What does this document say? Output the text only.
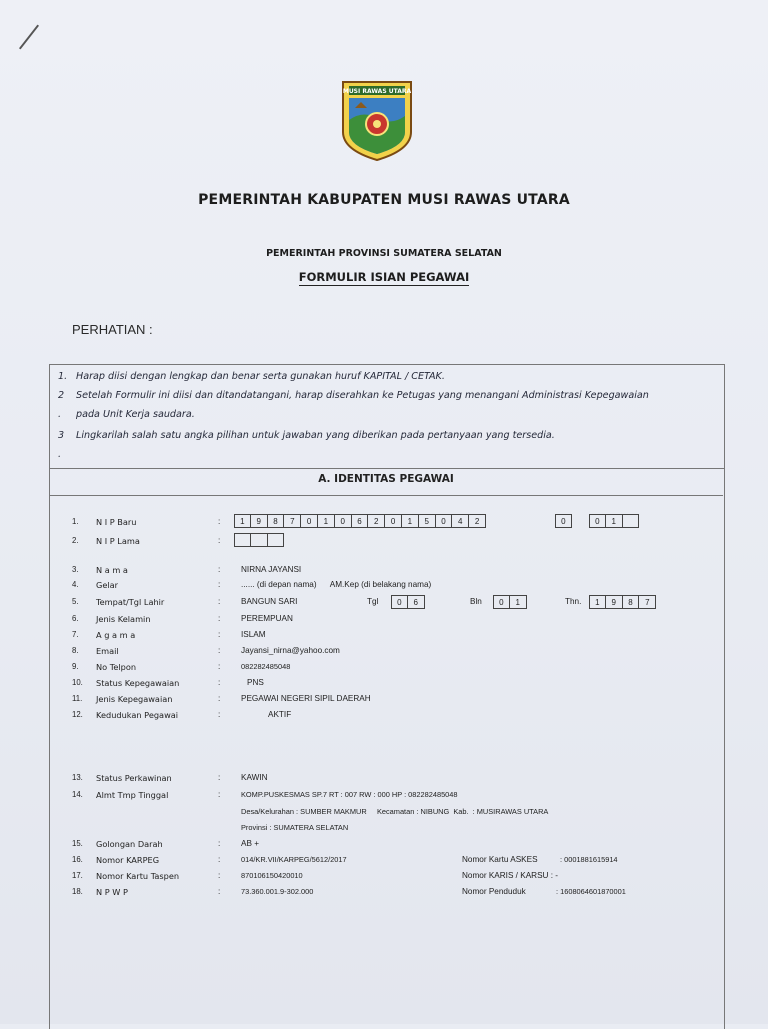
MUSI RAWAS UTARA
PEMERINTAH KABUPATEN MUSI RAWAS UTARA
PEMERINTAH PROVINSI SUMATERA SELATAN
FORMULIR ISIAN PEGAWAI
PERHATIAN :
1. Harap diisi dengan lengkap dan benar serta gunakan huruf KAPITAL / CETAK.
2 Setelah Formulir ini diisi dan ditandatangani, harap diserahkan ke Petugas yang menangani Administrasi Kepegawaian
. pada Unit Kerja saudara.
3 Lingkarilah salah satu angka pilihan untuk jawaban yang diberikan pada pertanyaan yang tersedia.
.
A. IDENTITAS PEGAWAI
1.	N I P Baru	:	1	9	8	7	0	1	0	6	2	0	1	5	0	4	2	0	0	1
2.	N I P Lama	:
3.	N a m a	:	NIRNA JAYANSI
4.	Gelar	:	...... (di depan nama)      AM.Kep (di belakang nama)
5.	Tempat/Tgl Lahir	:	BANGUN SARI	Tgl	0	6	Bln	0	1	Thn.	1	9	8	7
6.	Jenis Kelamin	:	PEREMPUAN
7.	A g a m a	:	ISLAM
8.	Email	:	Jayansi_nirna@yahoo.com
9.	No Telpon	:	082282485048
10.	Status Kepegawaian	:	PNS
11.	Jenis Kepegawaian	:	PEGAWAI NEGERI SIPIL DAERAH
12.	Kedudukan Pegawai	:	AKTIF
13.	Status Perkawinan	:	KAWIN
14.	Almt Tmp Tinggal	:	KOMP.PUSKESMAS SP.7 RT : 007 RW : 000 HP : 082282485048
Desa/Kelurahan : SUMBER MAKMUR     Kecamatan : NIBUNG  Kab.  : MUSIRAWAS UTARA
Provinsi : SUMATERA SELATAN
15.	Golongan Darah	:	AB +
16.	Nomor KARPEG	:	014/KR.VII/KARPEG/5612/2017	Nomor Kartu ASKES	: 0001881615914
17.	Nomor Kartu Taspen	:	870106150420010	Nomor KARIS / KARSU : -
18.	N P W P	:	73.360.001.9-302.000	Nomor Penduduk	: 1608064601870001
